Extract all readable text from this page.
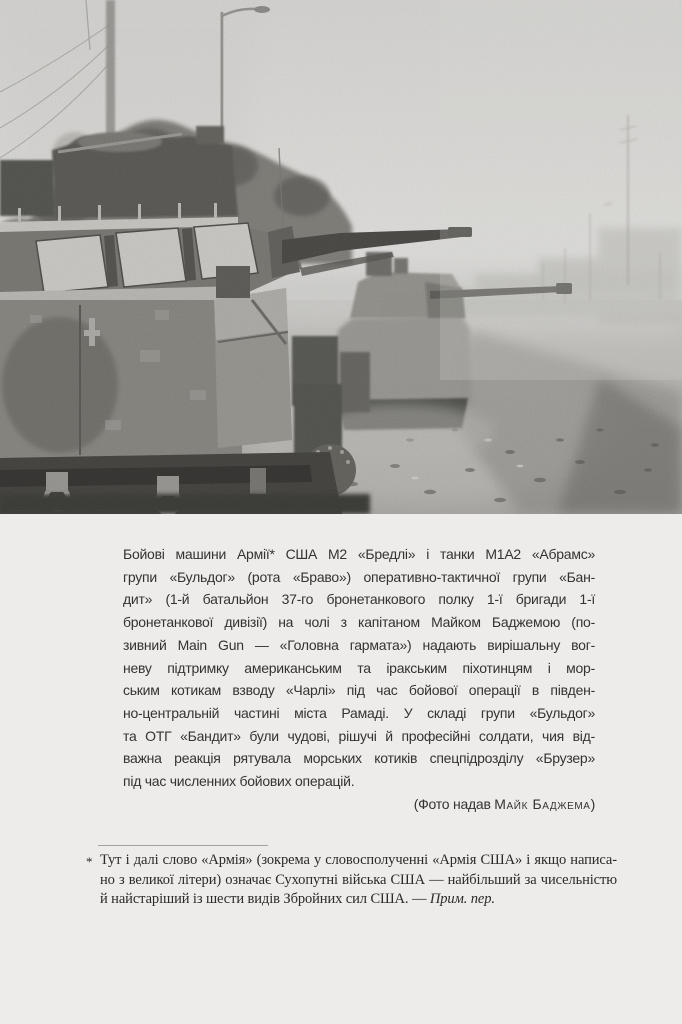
Бойові машини Армії* США М2 «Бредлі» і танки М1А2 «Абрамс»
групи «Бульдог» (рота «Браво») оперативно-тактичної групи «Бан-
дит» (1-й батальйон 37-го бронетанкового полку 1-ї бригади 1-ї
бронетанкової дивізії) на чолі з капітаном Майком Баджемою (по-
зивний Main Gun — «Головна гармата») надають вирішальну вог-
неву підтримку американським та іракським піхотинцям і мор-
ським котикам взводу «Чарлі» під час бойової операції в півден-
но-центральній частині міста Рамаді. У складі групи «Бульдог»
та ОТГ «Бандит» були чудові, рішучі й професійні солдати, чия від-
важна реакція рятувала морських котиків спецпідрозділу «Брузер»
під час численних бойових операцій.
(Фото надав Майк Баджема)
* Тут і далі слово «Армія» (зокрема у словосполученні «Армія США» і якщо написа-
но з великої літери) означає Сухопутні війська США — найбільший за чисельністю
й найстаріший із шести видів Збройних сил США. — Прим. пер.
